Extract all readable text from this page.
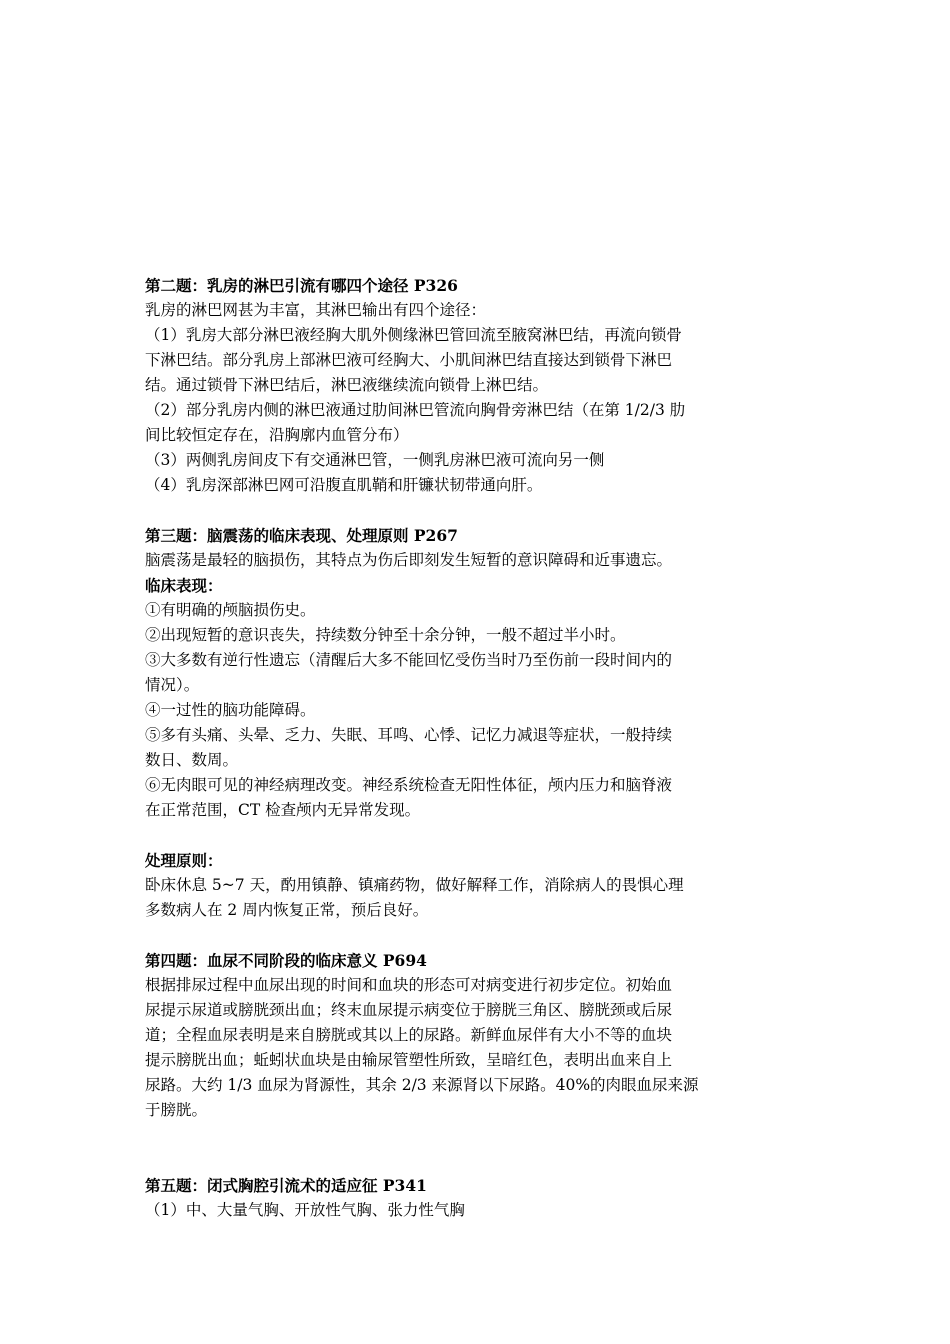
第二题：乳房的淋巴引流有哪四个途径 P326
乳房的淋巴网甚为丰富，其淋巴输出有四个途径：
（1）乳房大部分淋巴液经胸大肌外侧缘淋巴管回流至腋窝淋巴结，再流向锁骨
下淋巴结。部分乳房上部淋巴液可经胸大、小肌间淋巴结直接达到锁骨下淋巴
结。通过锁骨下淋巴结后，淋巴液继续流向锁骨上淋巴结。
（2）部分乳房内侧的淋巴液通过肋间淋巴管流向胸骨旁淋巴结（在第 1/2/3 肋
间比较恒定存在，沿胸廓内血管分布）
（3）两侧乳房间皮下有交通淋巴管，一侧乳房淋巴液可流向另一侧
（4）乳房深部淋巴网可沿腹直肌鞘和肝镰状韧带通向肝。
第三题：脑震荡的临床表现、处理原则 P267
脑震荡是最轻的脑损伤，其特点为伤后即刻发生短暂的意识障碍和近事遗忘。
临床表现：
①有明确的颅脑损伤史。
②出现短暂的意识丧失，持续数分钟至十余分钟，一般不超过半小时。
③大多数有逆行性遗忘（清醒后大多不能回忆受伤当时乃至伤前一段时间内的
情况）。
④一过性的脑功能障碍。
⑤多有头痛、头晕、乏力、失眠、耳鸣、心悸、记忆力减退等症状，一般持续
数日、数周。
⑥无肉眼可见的神经病理改变。神经系统检查无阳性体征，颅内压力和脑脊液
在正常范围，CT 检查颅内无异常发现。
处理原则：
卧床休息 5~7 天，酌用镇静、镇痛药物，做好解释工作，消除病人的畏惧心理
多数病人在 2 周内恢复正常，预后良好。
第四题：血尿不同阶段的临床意义 P694
根据排尿过程中血尿出现的时间和血块的形态可对病变进行初步定位。初始血
尿提示尿道或膀胱颈出血；终末血尿提示病变位于膀胱三角区、膀胱颈或后尿
道；全程血尿表明是来自膀胱或其以上的尿路。新鲜血尿伴有大小不等的血块
提示膀胱出血；蚯蚓状血块是由输尿管塑性所致，呈暗红色，表明出血来自上
尿路。大约 1/3 血尿为肾源性，其余 2/3 来源肾以下尿路。40%的肉眼血尿来源
于膀胱。
第五题：闭式胸腔引流术的适应征 P341
（1）中、大量气胸、开放性气胸、张力性气胸
